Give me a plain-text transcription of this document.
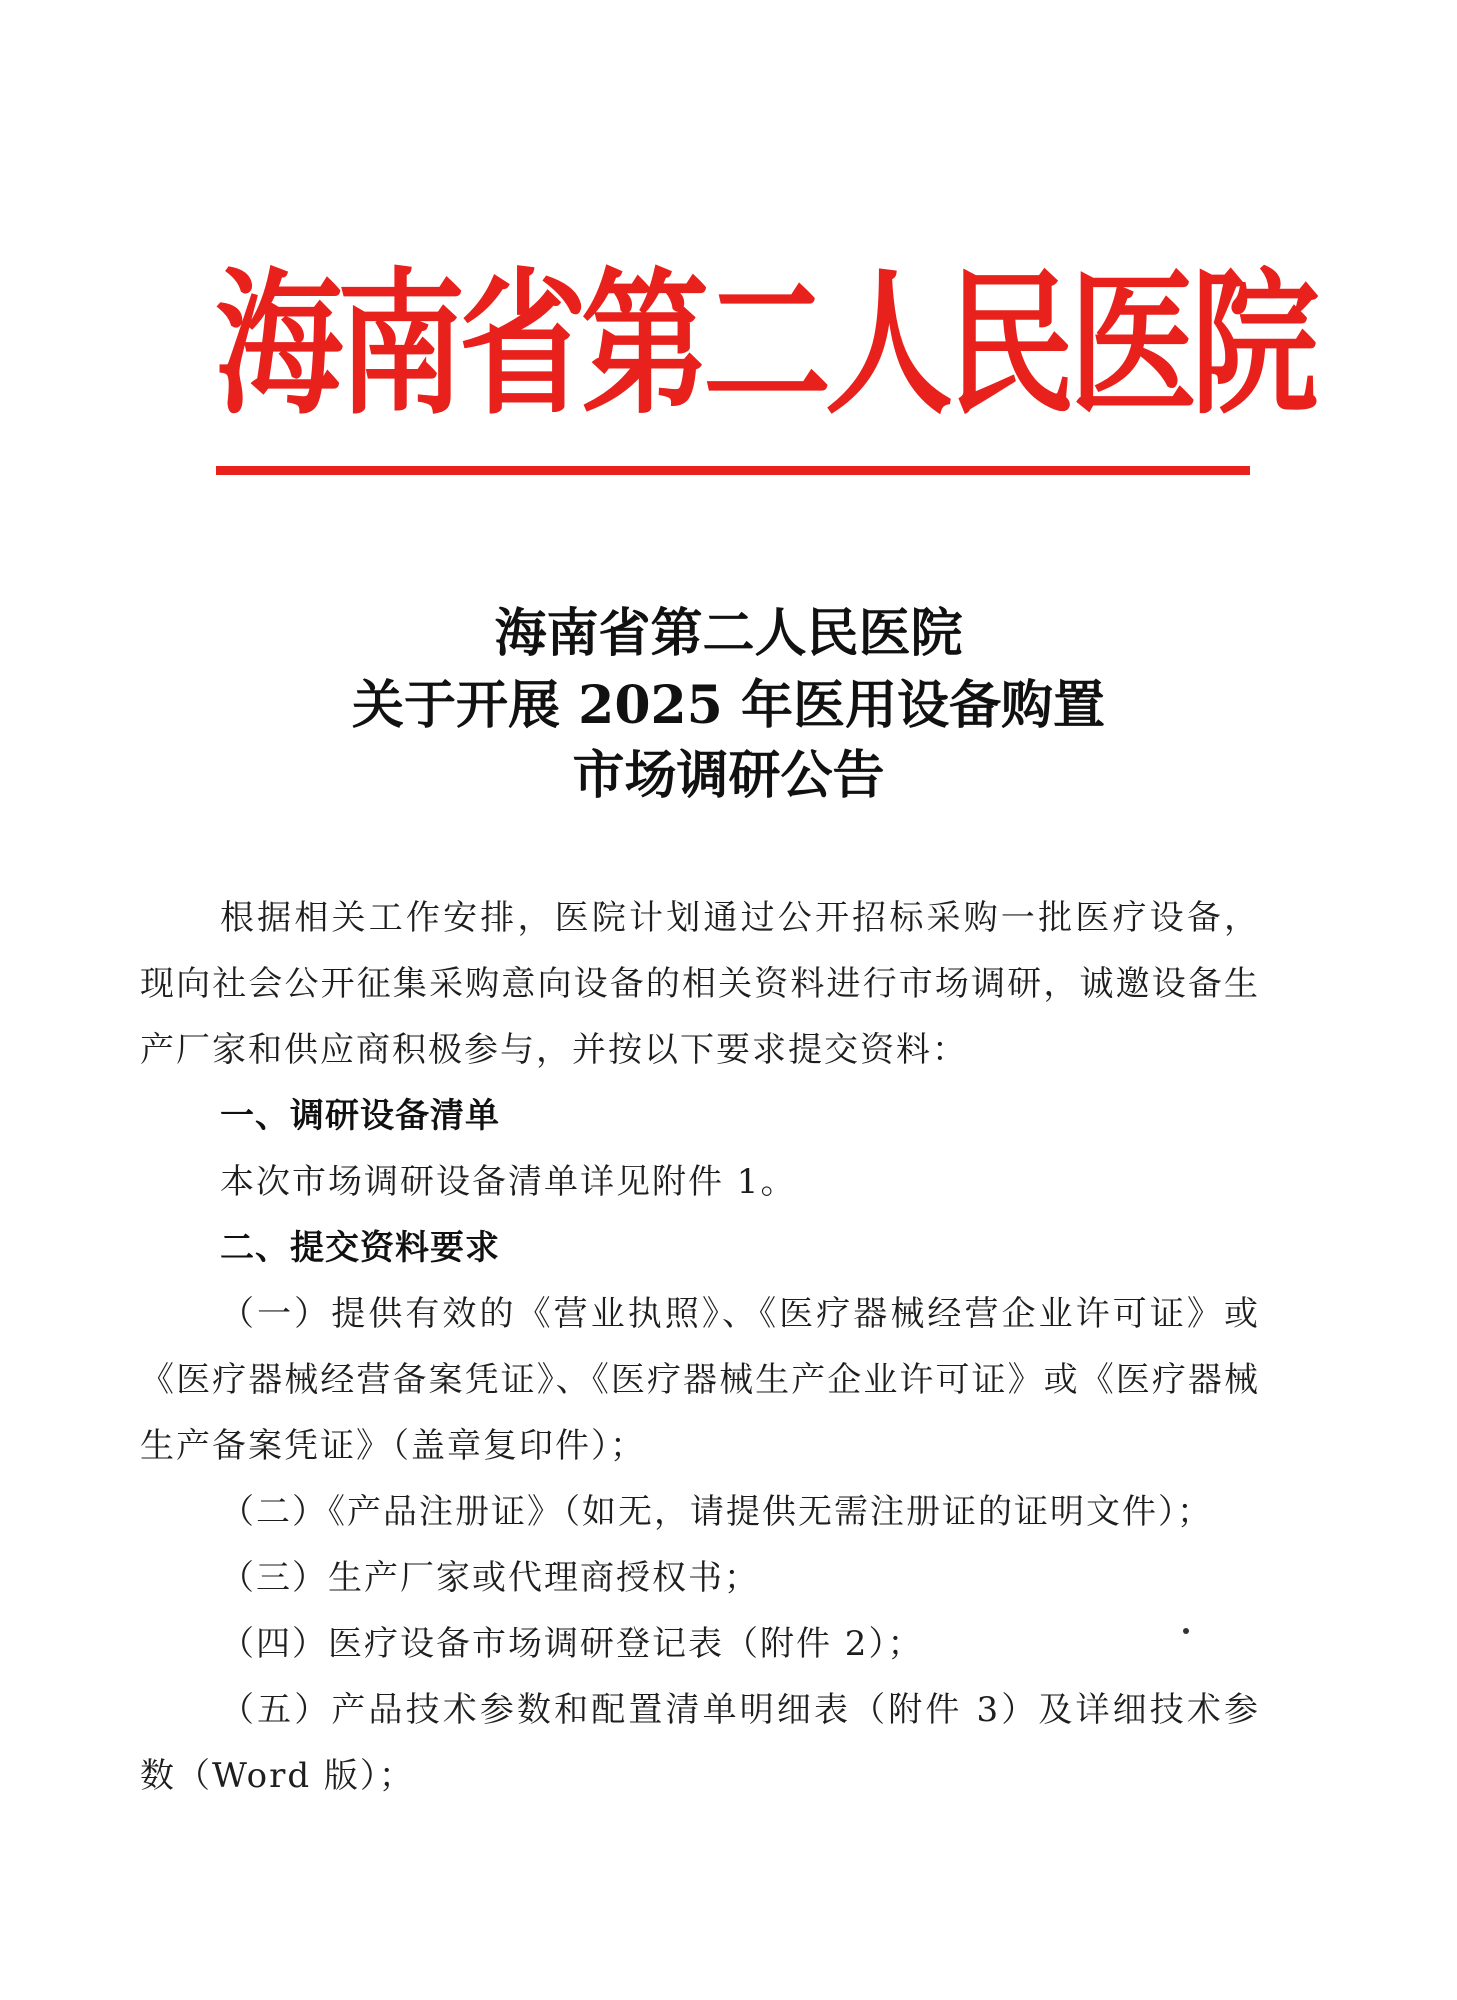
海南省第二人民医院
海南省第二人民医院
关于开展 2025 年医用设备购置
市场调研公告

根据相关工作安排，医院计划通过公开招标采购一批医疗设备，现向社会公开征集采购意向设备的相关资料进行市场调研，诚邀设备生产厂家和供应商积极参与，并按以下要求提交资料：

一、调研设备清单

本次市场调研设备清单详见附件 1。

二、提交资料要求

（一）提供有效的《营业执照》、《医疗器械经营企业许可证》或《医疗器械经营备案凭证》、《医疗器械生产企业许可证》或《医疗器械生产备案凭证》（盖章复印件）；

（二）《产品注册证》（如无，请提供无需注册证的证明文件）；

（三）生产厂家或代理商授权书；

（四）医疗设备市场调研登记表（附件 2）；

（五）产品技术参数和配置清单明细表（附件 3）及详细技术参数（Word 版）；
